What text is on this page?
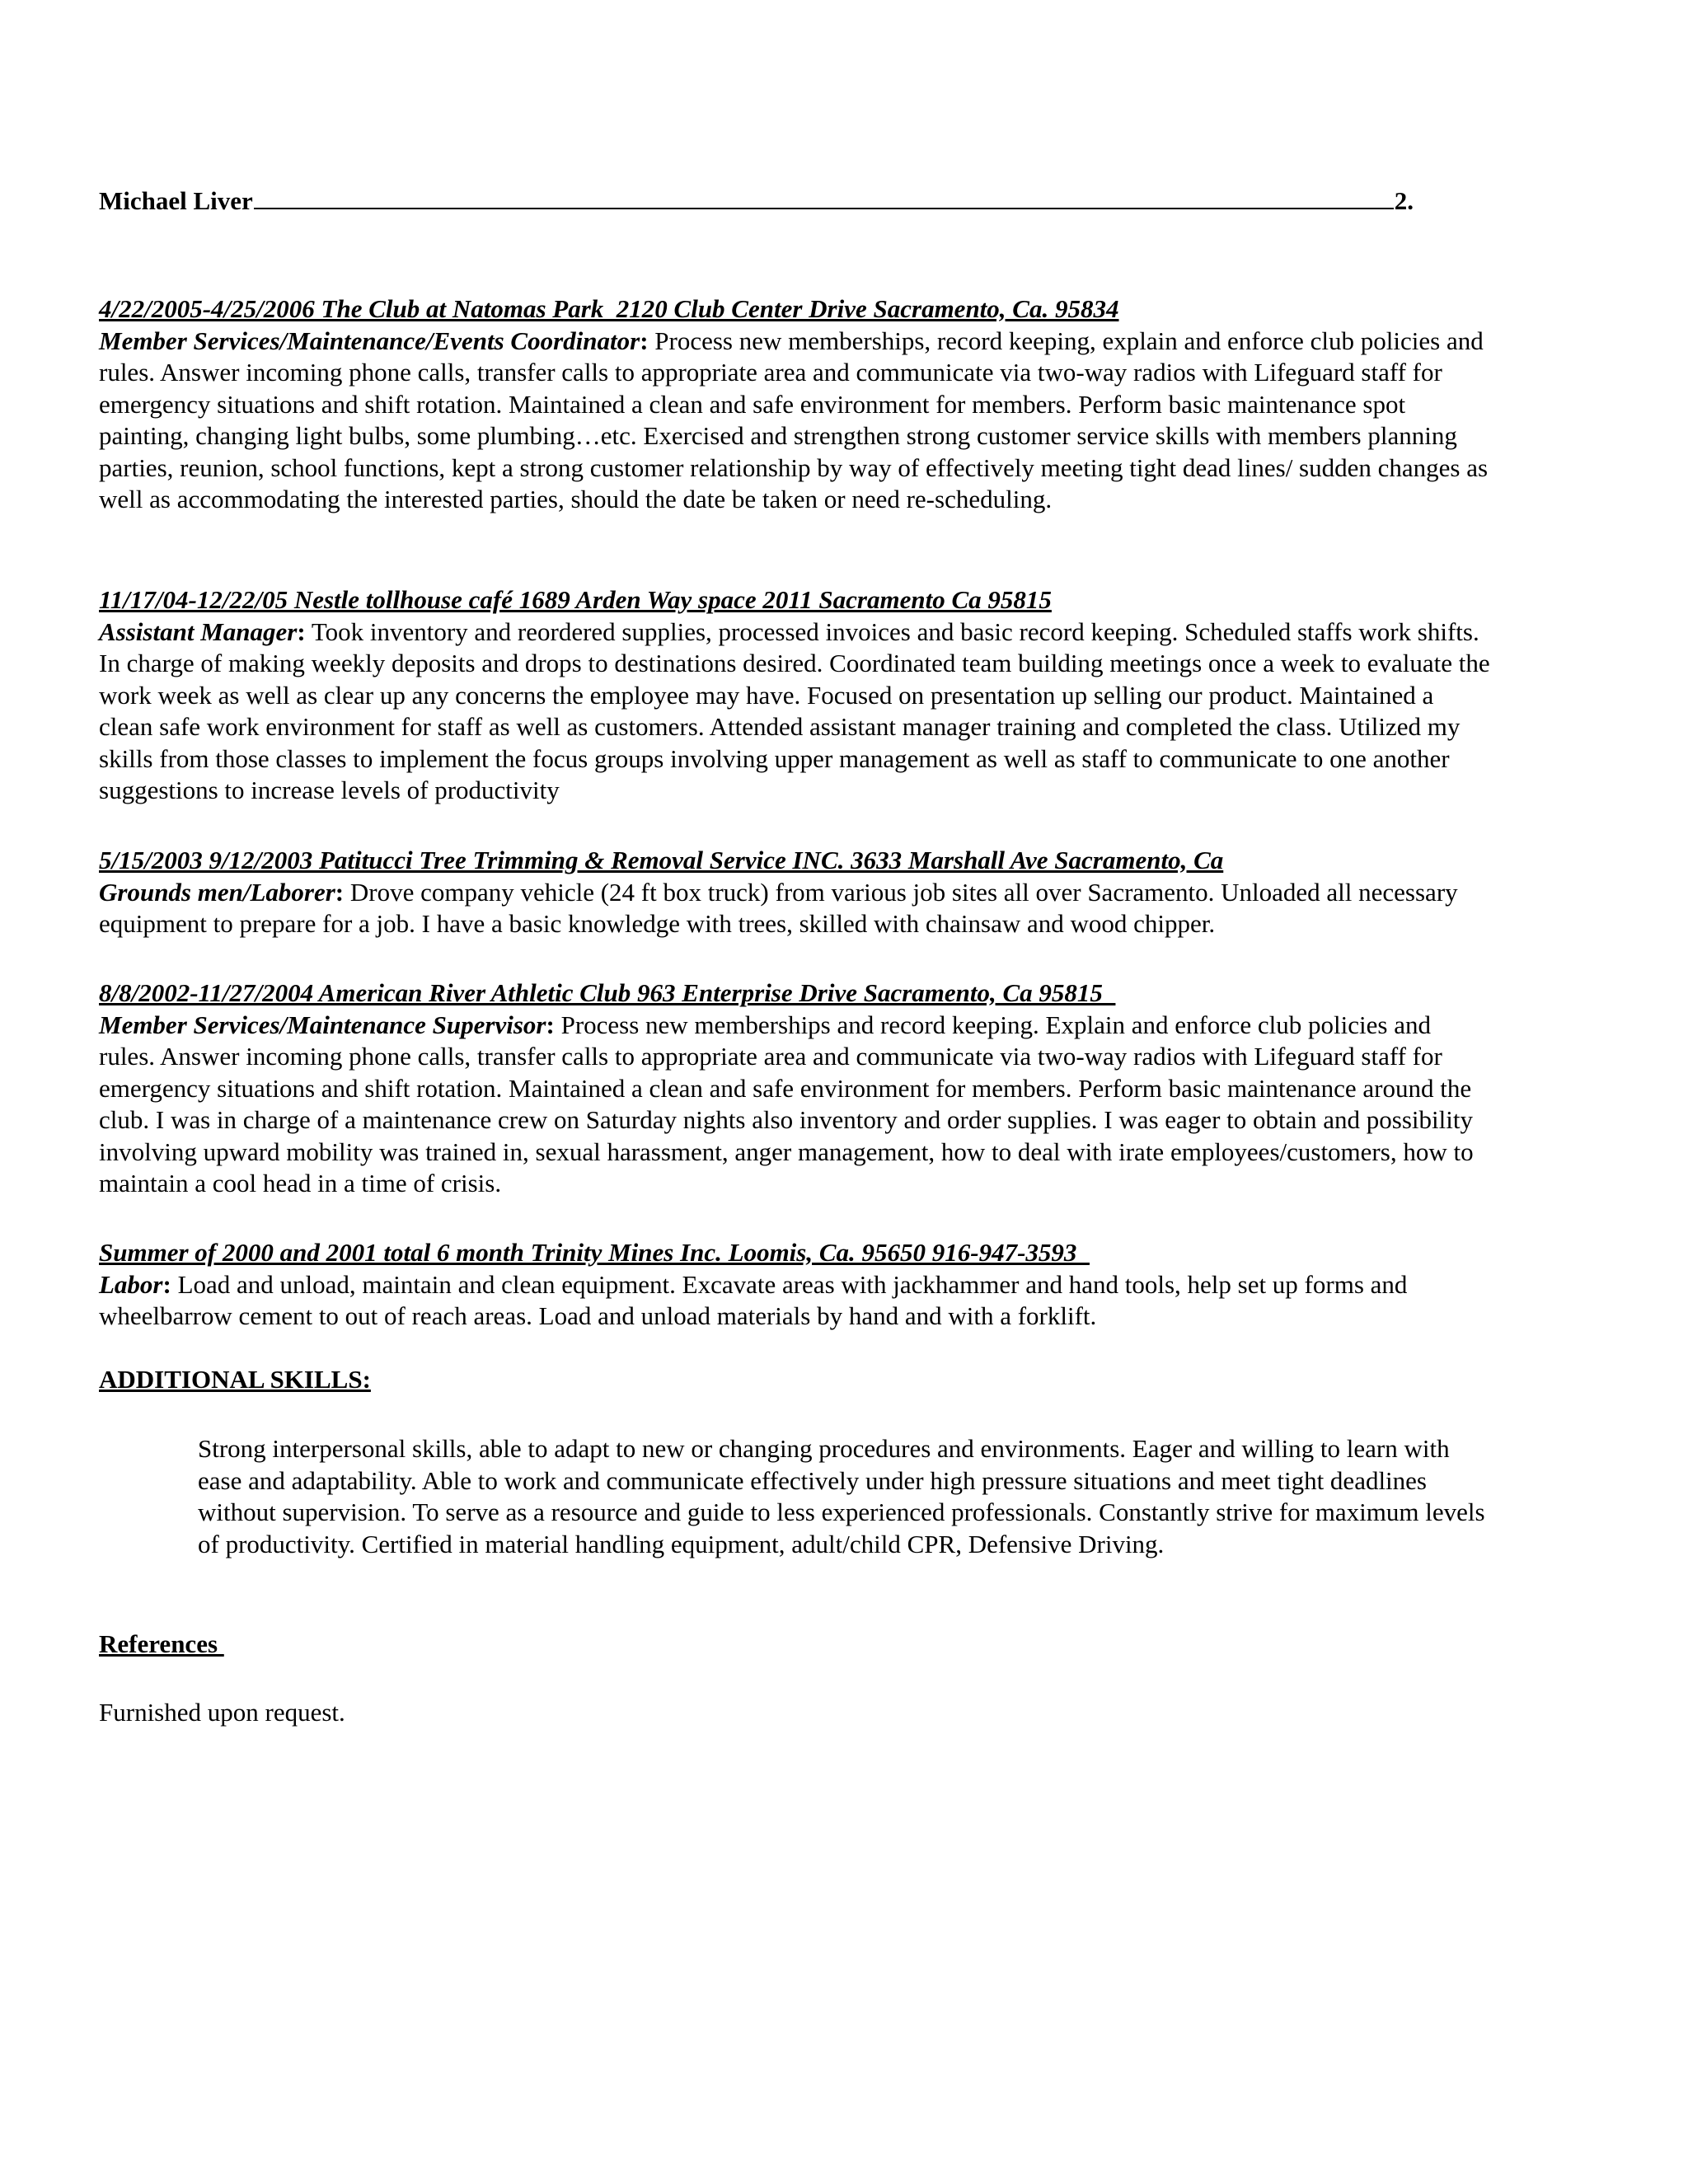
Michael Liver	2.
4/22/2005-4/25/2006 The Club at Natomas Park  2120 Club Center Drive Sacramento, Ca. 95834
Member Services/Maintenance/Events Coordinator: Process new memberships, record keeping, explain and enforce club policies and rules. Answer incoming phone calls, transfer calls to appropriate area and communicate via two-way radios with Lifeguard staff for emergency situations and shift rotation. Maintained a clean and safe environment for members. Perform basic maintenance spot painting, changing light bulbs, some plumbing…etc. Exercised and strengthen strong customer service skills with members planning parties, reunion, school functions, kept a strong customer relationship by way of effectively meeting tight dead lines/ sudden changes as well as accommodating the interested parties, should the date be taken or need re-scheduling.
11/17/04-12/22/05 Nestle tollhouse café 1689 Arden Way space 2011 Sacramento Ca 95815
Assistant Manager: Took inventory and reordered supplies, processed invoices and basic record keeping. Scheduled staffs work shifts. In charge of making weekly deposits and drops to destinations desired. Coordinated team building meetings once a week to evaluate the work week as well as clear up any concerns the employee may have. Focused on presentation up selling our product. Maintained a clean safe work environment for staff as well as customers. Attended assistant manager training and completed the class. Utilized my skills from those classes to implement the focus groups involving upper management as well as staff to communicate to one another suggestions to increase levels of productivity
5/15/2003 9/12/2003 Patitucci Tree Trimming & Removal Service INC. 3633 Marshall Ave Sacramento, Ca
Grounds men/Laborer: Drove company vehicle (24 ft box truck) from various job sites all over Sacramento. Unloaded all necessary equipment to prepare for a job. I have a basic knowledge with trees, skilled with chainsaw and wood chipper.
8/8/2002-11/27/2004 American River Athletic Club 963 Enterprise Drive Sacramento, Ca 95815
Member Services/Maintenance Supervisor: Process new memberships and record keeping. Explain and enforce club policies and rules. Answer incoming phone calls, transfer calls to appropriate area and communicate via two-way radios with Lifeguard staff for emergency situations and shift rotation. Maintained a clean and safe environment for members. Perform basic maintenance around the club. I was in charge of a maintenance crew on Saturday nights also inventory and order supplies. I was eager to obtain and possibility involving upward mobility was trained in, sexual harassment, anger management, how to deal with irate employees/customers, how to maintain a cool head in a time of crisis.
Summer of 2000 and 2001 total 6 month Trinity Mines Inc. Loomis, Ca. 95650 916-947-3593
Labor: Load and unload, maintain and clean equipment. Excavate areas with jackhammer and hand tools, help set up forms and wheelbarrow cement to out of reach areas. Load and unload materials by hand and with a forklift.
ADDITIONAL SKILLS:
Strong interpersonal skills, able to adapt to new or changing procedures and environments. Eager and willing to learn with ease and adaptability. Able to work and communicate effectively under high pressure situations and meet tight deadlines without supervision. To serve as a resource and guide to less experienced professionals. Constantly strive for maximum levels of productivity. Certified in material handling equipment, adult/child CPR, Defensive Driving.
References
Furnished upon request.
